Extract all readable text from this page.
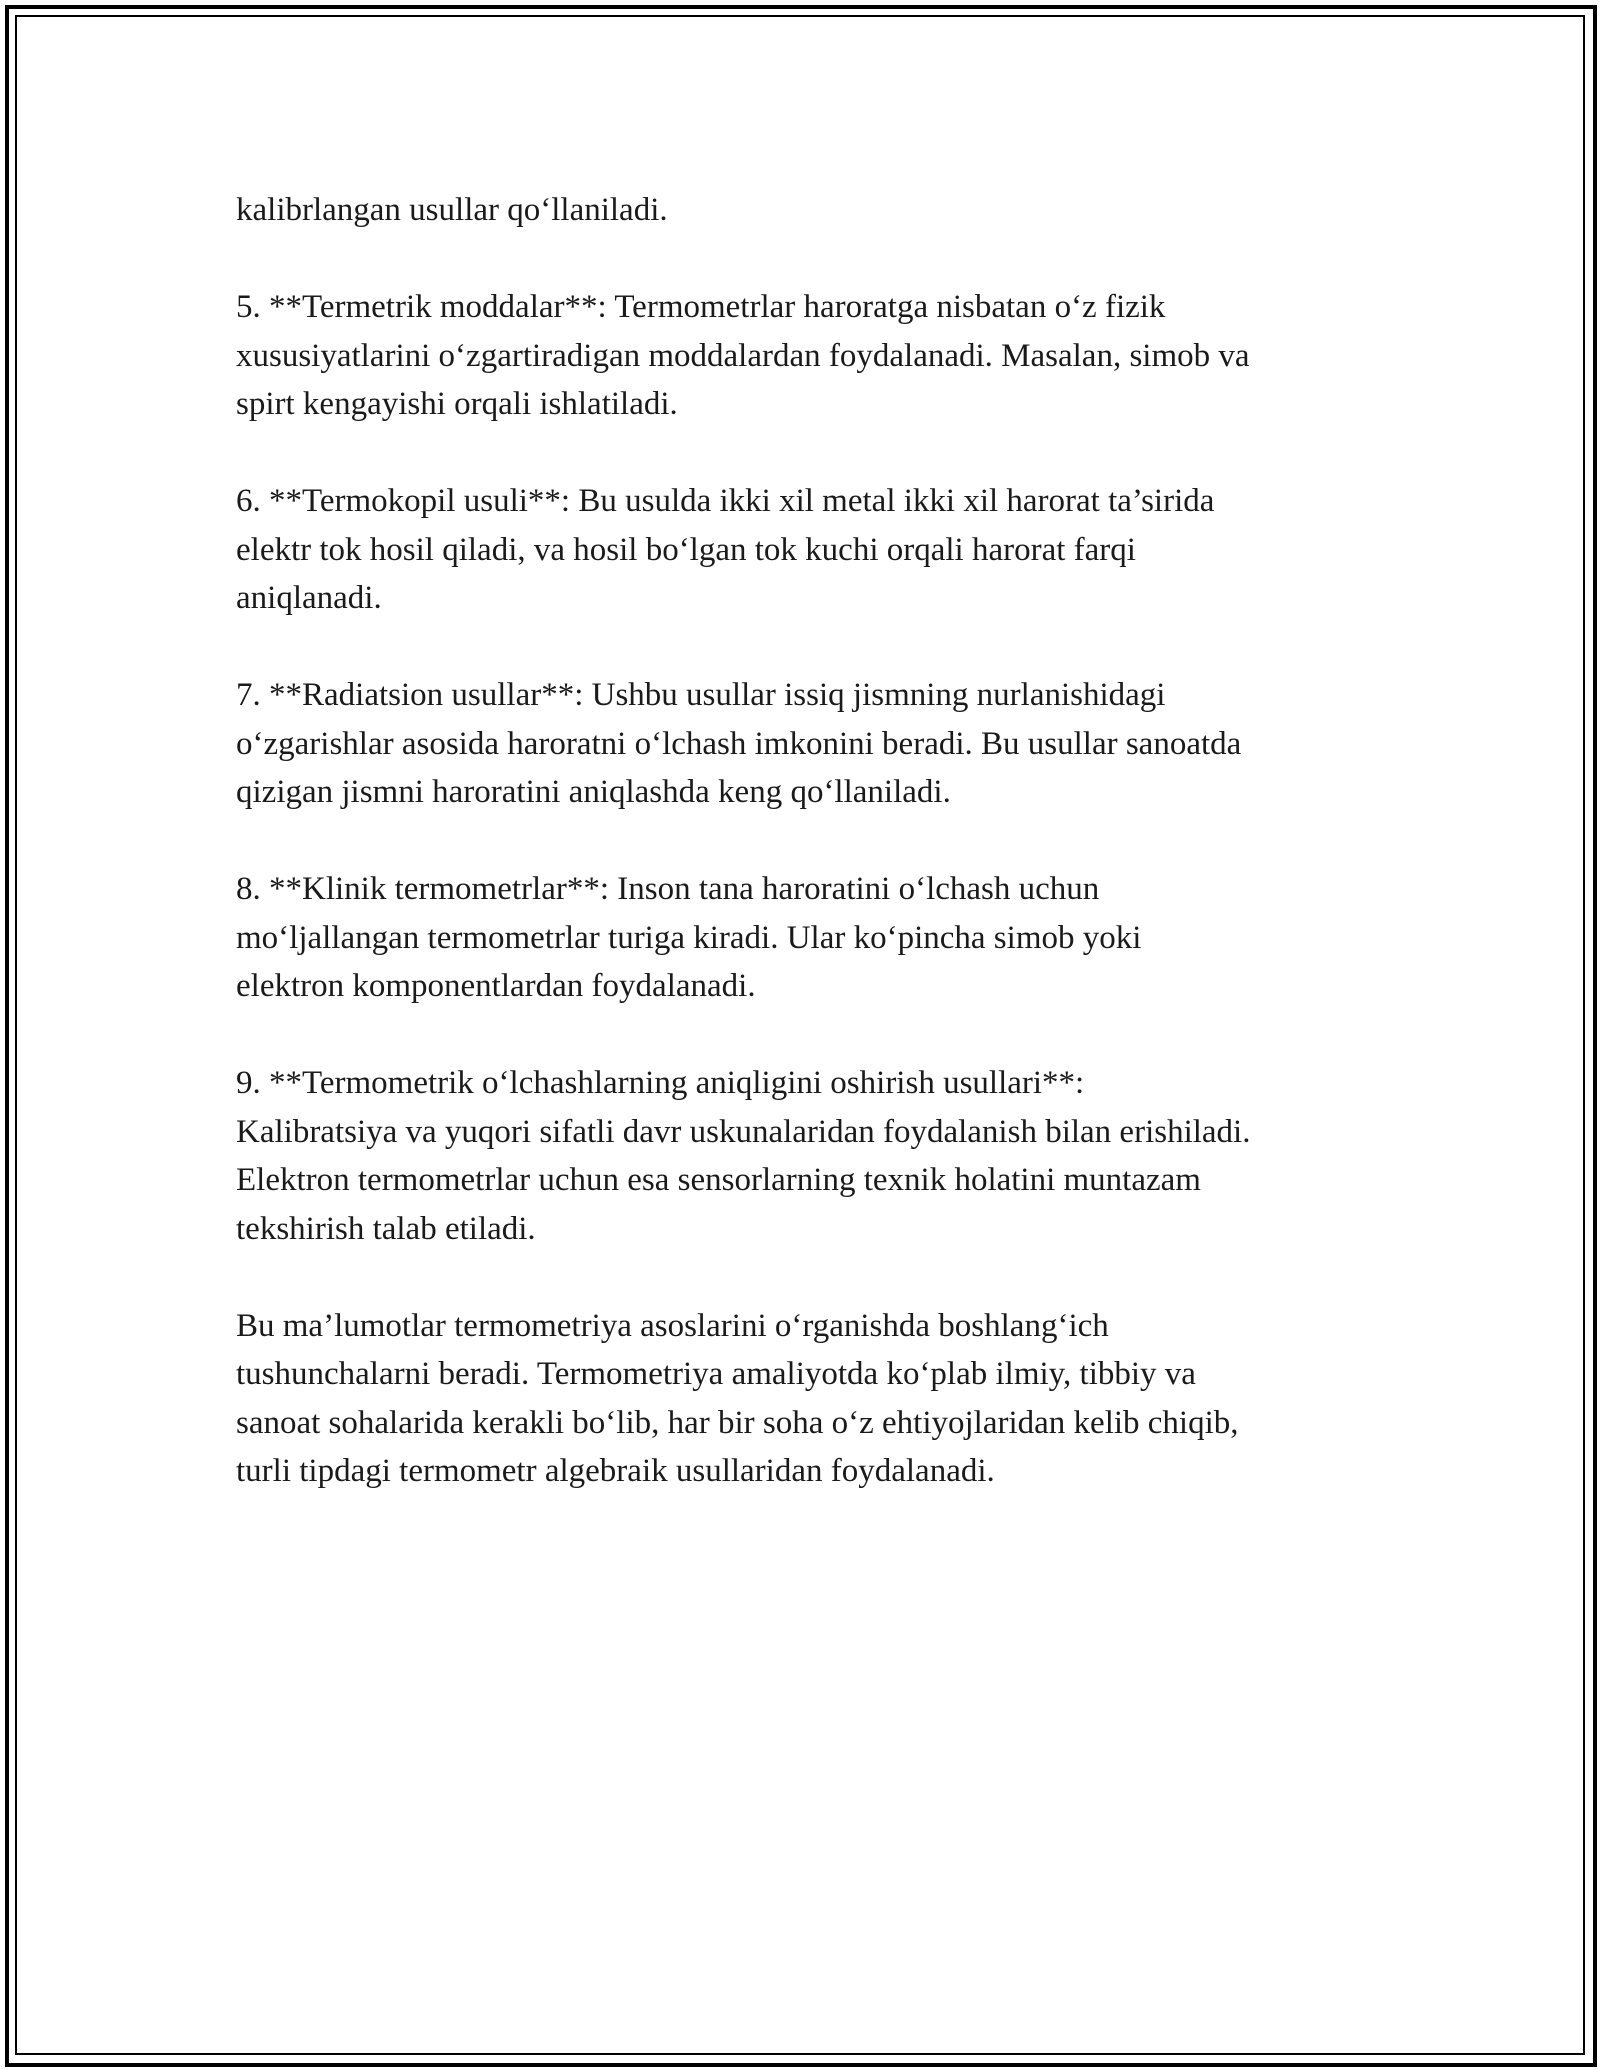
kalibrlangan usullar qo‘llaniladi.

5. **Termetrik moddalar**: Termometrlar haroratga nisbatan o‘z fizik
xususiyatlarini o‘zgartiradigan moddalardan foydalanadi. Masalan, simob va
spirt kengayishi orqali ishlatiladi.

6. **Termokopil usuli**: Bu usulda ikki xil metal ikki xil harorat ta’sirida
elektr tok hosil qiladi, va hosil bo‘lgan tok kuchi orqali harorat farqi
aniqlanadi.

7. **Radiatsion usullar**: Ushbu usullar issiq jismning nurlanishidagi
o‘zgarishlar asosida haroratni o‘lchash imkonini beradi. Bu usullar sanoatda
qizigan jismni haroratini aniqlashda keng qo‘llaniladi.

8. **Klinik termometrlar**: Inson tana haroratini o‘lchash uchun
mo‘ljallangan termometrlar turiga kiradi. Ular ko‘pincha simob yoki
elektron komponentlardan foydalanadi.

9. **Termometrik o‘lchashlarning aniqligini oshirish usullari**:
Kalibratsiya va yuqori sifatli davr uskunalaridan foydalanish bilan erishiladi.
Elektron termometrlar uchun esa sensorlarning texnik holatini muntazam
tekshirish talab etiladi.

Bu ma’lumotlar termometriya asoslarini o‘rganishda boshlang‘ich
tushunchalarni beradi. Termometriya amaliyotda ko‘plab ilmiy, tibbiy va
sanoat sohalarida kerakli bo‘lib, har bir soha o‘z ehtiyojlaridan kelib chiqib,
turli tipdagi termometr algebraik usullaridan foydalanadi.
